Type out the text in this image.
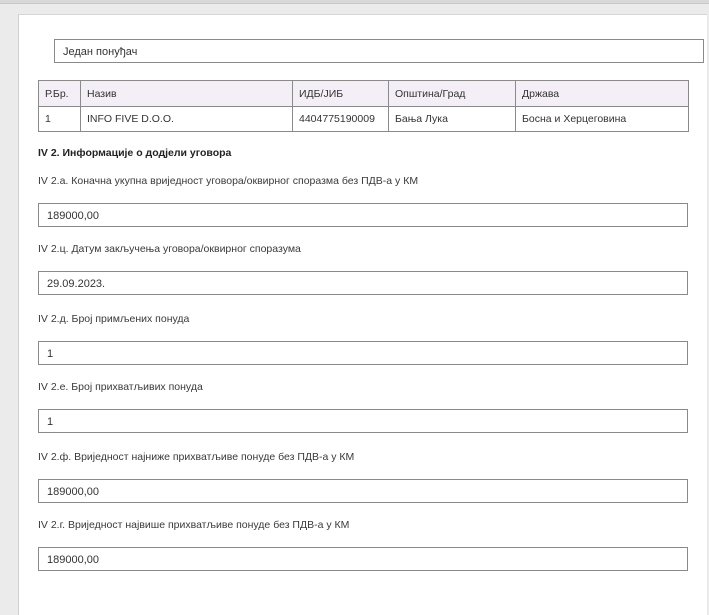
Један понуђач
Р.Бр.	Назив	ИДБ/ЈИБ	Општина/Град	Држава
1	INFO FIVE D.O.O.	4404775190009	Бања Лука	Босна и Херцеговина
IV 2. Информације о додјели уговора
IV 2.а. Коначна укупна вриједност уговора/оквирног споразма без ПДВ-а у КМ
189000,00
IV 2.ц. Датум закључења уговора/оквирног споразума
29.09.2023.
IV 2.д. Број примљених понуда
1
IV 2.е. Број прихватљивих понуда
1
IV 2.ф. Вриједност најниже прихватљиве понуде без ПДВ-а у КМ
189000,00
IV 2.г. Вриједност највише прихватљиве понуде без ПДВ-а у КМ
189000,00
